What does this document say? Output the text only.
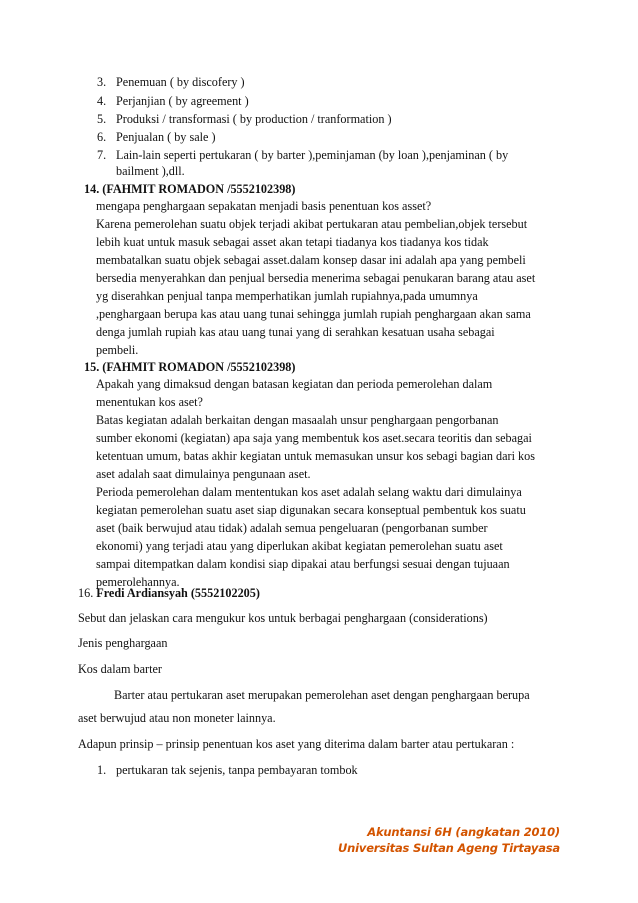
3. Penemuan ( by discofery )
4. Perjanjian ( by agreement )
5. Produksi / transformasi ( by production / tranformation )
6. Penjualan ( by sale )
7. Lain-lain seperti pertukaran ( by barter ),peminjaman (by loan ),penjaminan ( by
bailment ),dll.
14. (FAHMIT ROMADON /5552102398)
mengapa penghargaan sepakatan menjadi basis penentuan kos asset?
Karena pemerolehan suatu objek terjadi akibat pertukaran atau pembelian,objek tersebut
lebih kuat untuk masuk sebagai asset akan tetapi tiadanya kos tiadanya kos tidak
membatalkan suatu objek sebagai asset.dalam konsep dasar ini adalah apa yang pembeli
bersedia menyerahkan dan penjual bersedia menerima sebagai penukaran barang atau aset
yg diserahkan penjual tanpa memperhatikan jumlah rupiahnya,pada umumnya
,penghargaan berupa kas atau uang tunai sehingga jumlah rupiah penghargaan akan sama
denga jumlah rupiah kas atau uang tunai yang di serahkan kesatuan usaha sebagai
pembeli.
15. (FAHMIT ROMADON /5552102398)
Apakah yang dimaksud dengan batasan kegiatan dan perioda pemerolehan dalam
menentukan kos aset?
Batas kegiatan adalah berkaitan dengan masaalah unsur penghargaan pengorbanan
sumber ekonomi (kegiatan) apa saja yang membentuk kos aset.secara teoritis dan sebagai
ketentuan umum, batas akhir kegiatan untuk memasukan unsur kos sebagi bagian dari kos
aset adalah saat dimulainya pengunaan aset.
Perioda pemerolehan dalam mententukan kos aset adalah selang waktu dari dimulainya
kegiatan pemerolehan suatu aset siap digunakan secara konseptual pembentuk kos suatu
aset (baik berwujud atau tidak) adalah semua pengeluaran (pengorbanan sumber
ekonomi) yang terjadi atau yang diperlukan akibat kegiatan pemerolehan suatu aset
sampai ditempatkan dalam kondisi siap dipakai atau berfungsi sesuai dengan tujuaan
pemerolehannya.
16. Fredi Ardiansyah (5552102205)
Sebut dan jelaskan cara mengukur kos untuk berbagai penghargaan (considerations)
Jenis penghargaan
Kos dalam barter
Barter atau pertukaran aset merupakan pemerolehan aset dengan penghargaan berupa
aset berwujud atau non moneter lainnya.
Adapun prinsip – prinsip penentuan kos aset yang diterima dalam barter atau pertukaran :
1. pertukaran tak sejenis, tanpa pembayaran tombok
Akuntansi 6H (angkatan 2010)
Universitas Sultan Ageng Tirtayasa
